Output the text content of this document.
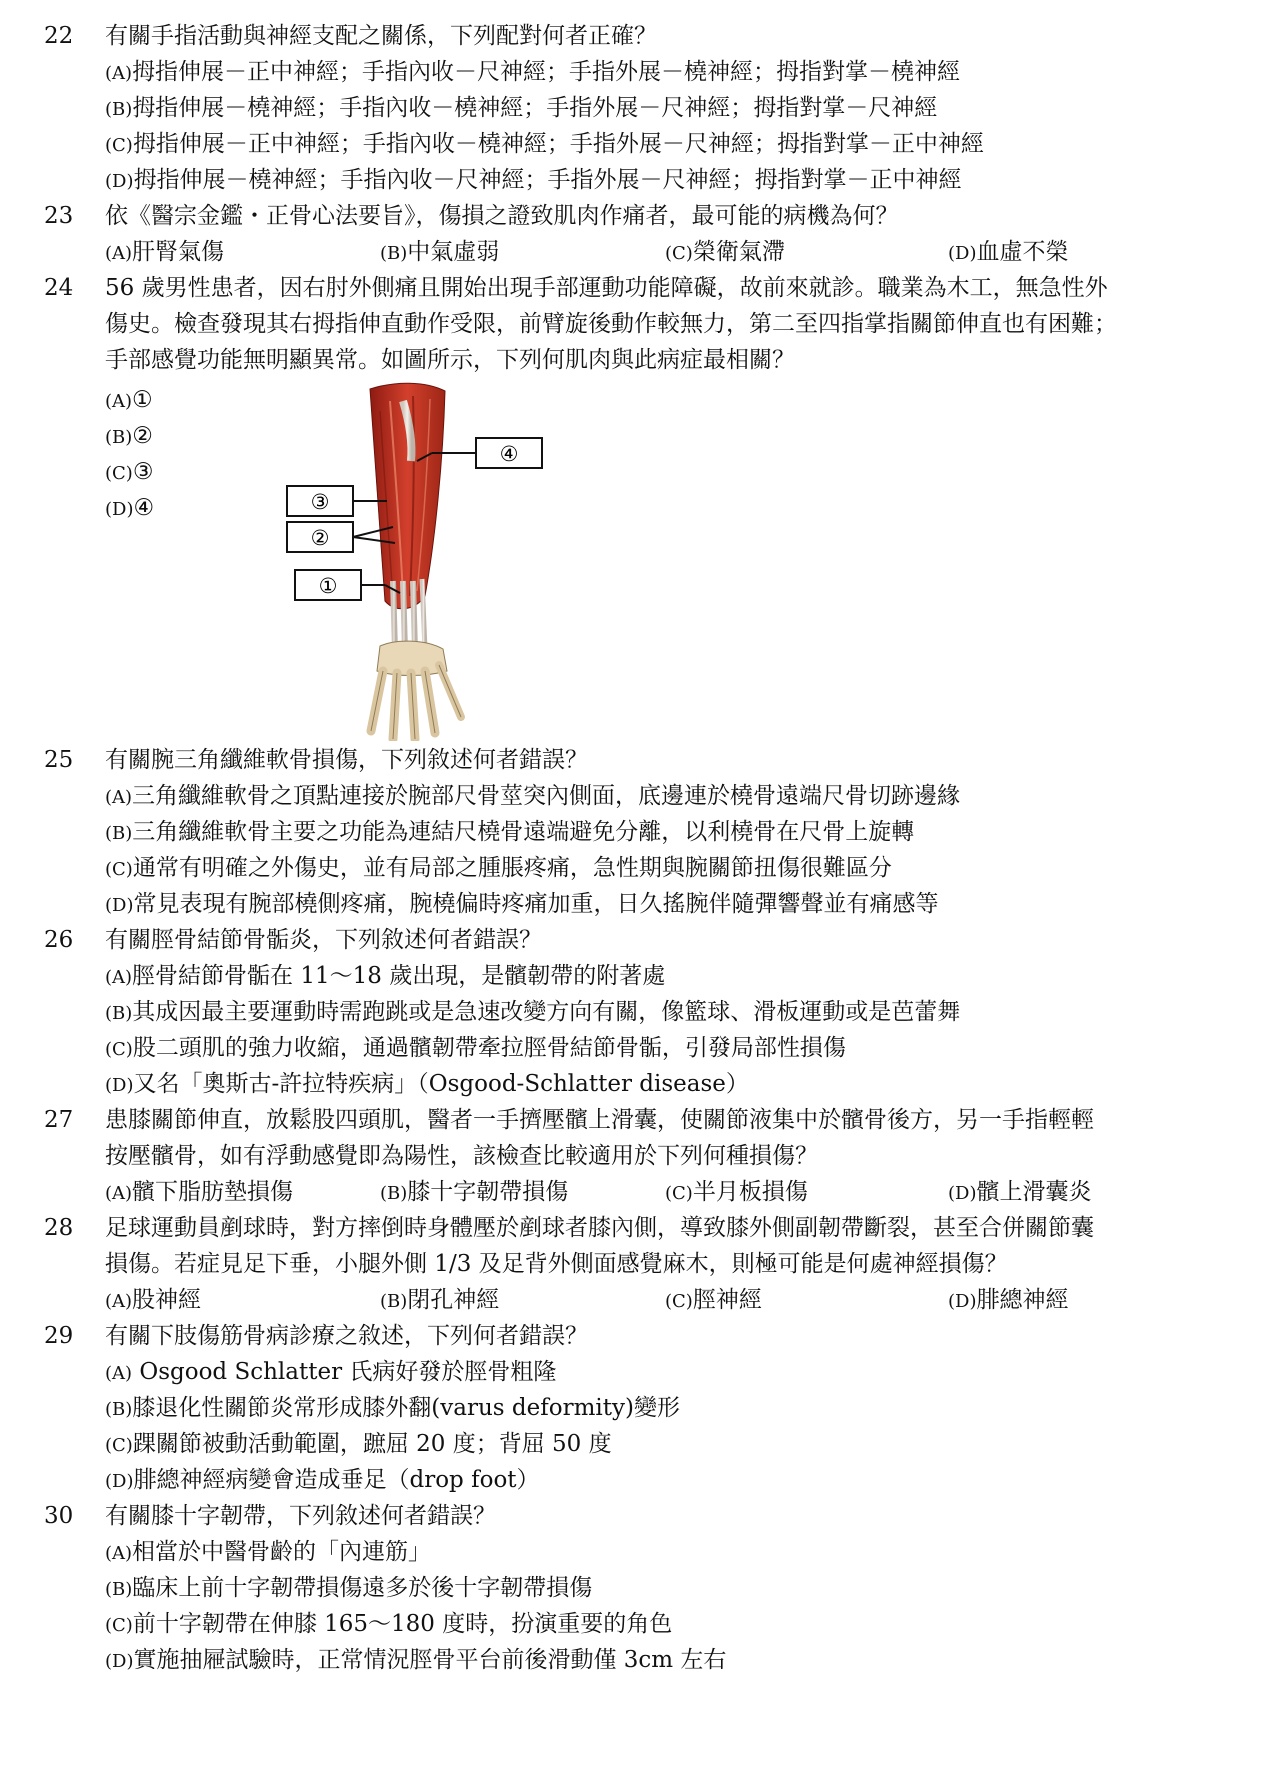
22 有關手指活動與神經支配之關係，下列配對何者正確？
(A)拇指伸展－正中神經；手指內收－尺神經；手指外展－橈神經；拇指對掌－橈神經
(B)拇指伸展－橈神經；手指內收－橈神經；手指外展－尺神經；拇指對掌－尺神經
(C)拇指伸展－正中神經；手指內收－橈神經；手指外展－尺神經；拇指對掌－正中神經
(D)拇指伸展－橈神經；手指內收－尺神經；手指外展－尺神經；拇指對掌－正中神經
23 依《醫宗金鑑・正骨心法要旨》，傷損之證致肌肉作痛者，最可能的病機為何？
(A)肝腎氣傷	(B)中氣虛弱	(C)榮衛氣滯	(D)血虛不榮
24 56 歲男性患者，因右肘外側痛且開始出現手部運動功能障礙，故前來就診。職業為木工，無急性外
傷史。檢查發現其右拇指伸直動作受限，前臂旋後動作較無力，第二至四指掌指關節伸直也有困難；
手部感覺功能無明顯異常。如圖所示，下列何肌肉與此病症最相關？
(A)①
(B)②
(C)③
(D)④
④
③
②
①
25 有關腕三角纖維軟骨損傷，下列敘述何者錯誤？
(A)三角纖維軟骨之頂點連接於腕部尺骨莖突內側面，底邊連於橈骨遠端尺骨切跡邊緣
(B)三角纖維軟骨主要之功能為連結尺橈骨遠端避免分離，以利橈骨在尺骨上旋轉
(C)通常有明確之外傷史，並有局部之腫脹疼痛，急性期與腕關節扭傷很難區分
(D)常見表現有腕部橈側疼痛，腕橈偏時疼痛加重，日久搖腕伴隨彈響聲並有痛感等
26 有關脛骨結節骨骺炎，下列敘述何者錯誤？
(A)脛骨結節骨骺在 11～18 歲出現，是髕韌帶的附著處
(B)其成因最主要運動時需跑跳或是急速改變方向有關，像籃球、滑板運動或是芭蕾舞
(C)股二頭肌的強力收縮，通過髕韌帶牽拉脛骨結節骨骺，引發局部性損傷
(D)又名「奧斯古-許拉特疾病」（Osgood-Schlatter disease）
27 患膝關節伸直，放鬆股四頭肌，醫者一手擠壓髕上滑囊，使關節液集中於髕骨後方，另一手指輕輕
按壓髕骨，如有浮動感覺即為陽性，該檢查比較適用於下列何種損傷？
(A)髕下脂肪墊損傷	(B)膝十字韌帶損傷	(C)半月板損傷	(D)髕上滑囊炎
28 足球運動員剷球時，對方摔倒時身體壓於剷球者膝內側，導致膝外側副韌帶斷裂，甚至合併關節囊
損傷。若症見足下垂，小腿外側 1/3 及足背外側面感覺麻木，則極可能是何處神經損傷？
(A)股神經	(B)閉孔神經	(C)脛神經	(D)腓總神經
29 有關下肢傷筋骨病診療之敘述，下列何者錯誤？
(A) Osgood Schlatter 氏病好發於脛骨粗隆
(B)膝退化性關節炎常形成膝外翻(varus deformity)變形
(C)踝關節被動活動範圍，蹠屈 20 度；背屈 50 度
(D)腓總神經病變會造成垂足（drop foot）
30 有關膝十字韌帶，下列敘述何者錯誤？
(A)相當於中醫骨齡的「內連筋」
(B)臨床上前十字韌帶損傷遠多於後十字韌帶損傷
(C)前十字韌帶在伸膝 165～180 度時，扮演重要的角色
(D)實施抽屜試驗時，正常情況脛骨平台前後滑動僅 3cm 左右
